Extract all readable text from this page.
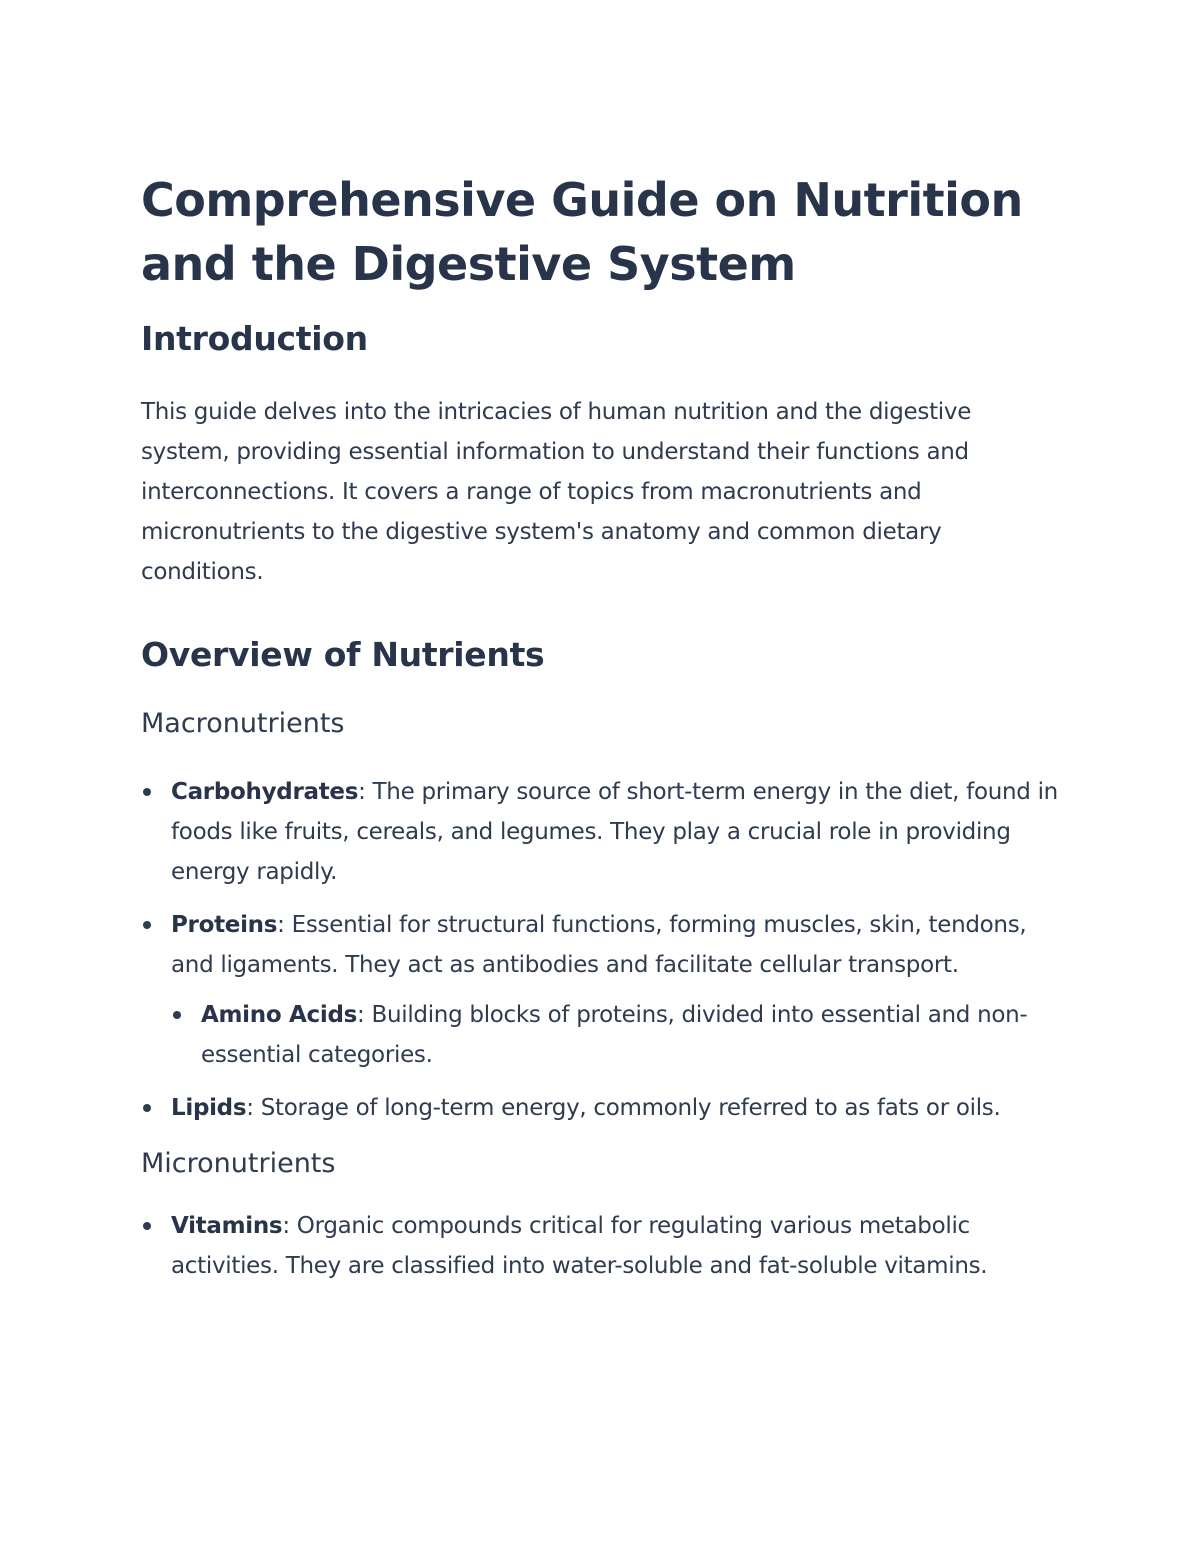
Comprehensive Guide on Nutrition and the Digestive System
Introduction

This guide delves into the intricacies of human nutrition and the digestive system, providing essential information to understand their functions and interconnections. It covers a range of topics from macronutrients and micronutrients to the digestive system's anatomy and common dietary conditions.

Overview of Nutrients
Macronutrients
Carbohydrates: The primary source of short-term energy in the diet, found in foods like fruits, cereals, and legumes. They play a crucial role in providing energy rapidly.
Proteins: Essential for structural functions, forming muscles, skin, tendons, and ligaments. They act as antibodies and facilitate cellular transport.
Amino Acids: Building blocks of proteins, divided into essential and non-essential categories.
Lipids: Storage of long-term energy, commonly referred to as fats or oils.
Micronutrients
Vitamins: Organic compounds critical for regulating various metabolic activities. They are classified into water-soluble and fat-soluble vitamins.
